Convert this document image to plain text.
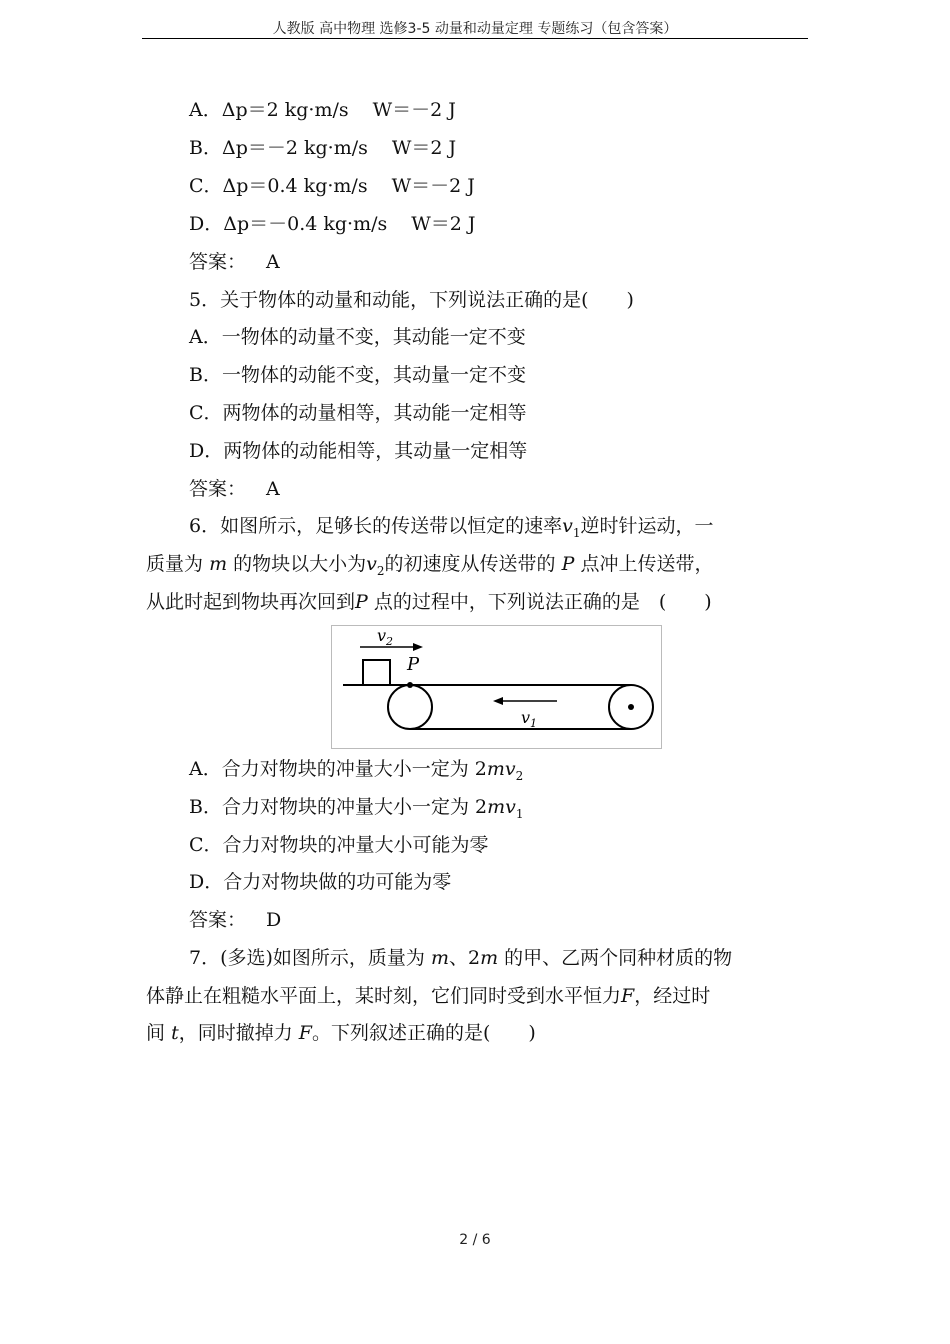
人教版 高中物理 选修3-5 动量和动量定理 专题练习（包含答案）
A．Δp＝2 kg·m/s W＝－2 J
B．Δp＝－2 kg·m/s W＝2 J
C．Δp＝0.4 kg·m/s W＝－2 J
D．Δp＝－0.4 kg·m/s W＝2 J
答案： A
5．关于物体的动量和动能，下列说法正确的是(　　)
A．一物体的动量不变，其动能一定不变
B．一物体的动能不变，其动量一定不变
C．两物体的动量相等，其动能一定相等
D．两物体的动能相等，其动量一定相等
答案： A
6．如图所示，足够长的传送带以恒定的速率$v_1$逆时针运动，一
质量为 m 的物块以大小为$v_2$的初速度从传送带的 P 点冲上传送带，
从此时起到物块再次回到P 点的过程中，下列说法正确的是　(　　)
$v_2$
P
$v_1$
A．合力对物块的冲量大小一定为 $2mv_2$
B．合力对物块的冲量大小一定为 $2mv_1$
C．合力对物块的冲量大小可能为零
D．合力对物块做的功可能为零
答案： D
7．(多选)如图所示，质量为 m、2m 的甲、乙两个同种材质的物
体静止在粗糙水平面上，某时刻，它们同时受到水平恒力F，经过时
间 t，同时撤掉力 F。下列叙述正确的是(　　)
2 / 6
